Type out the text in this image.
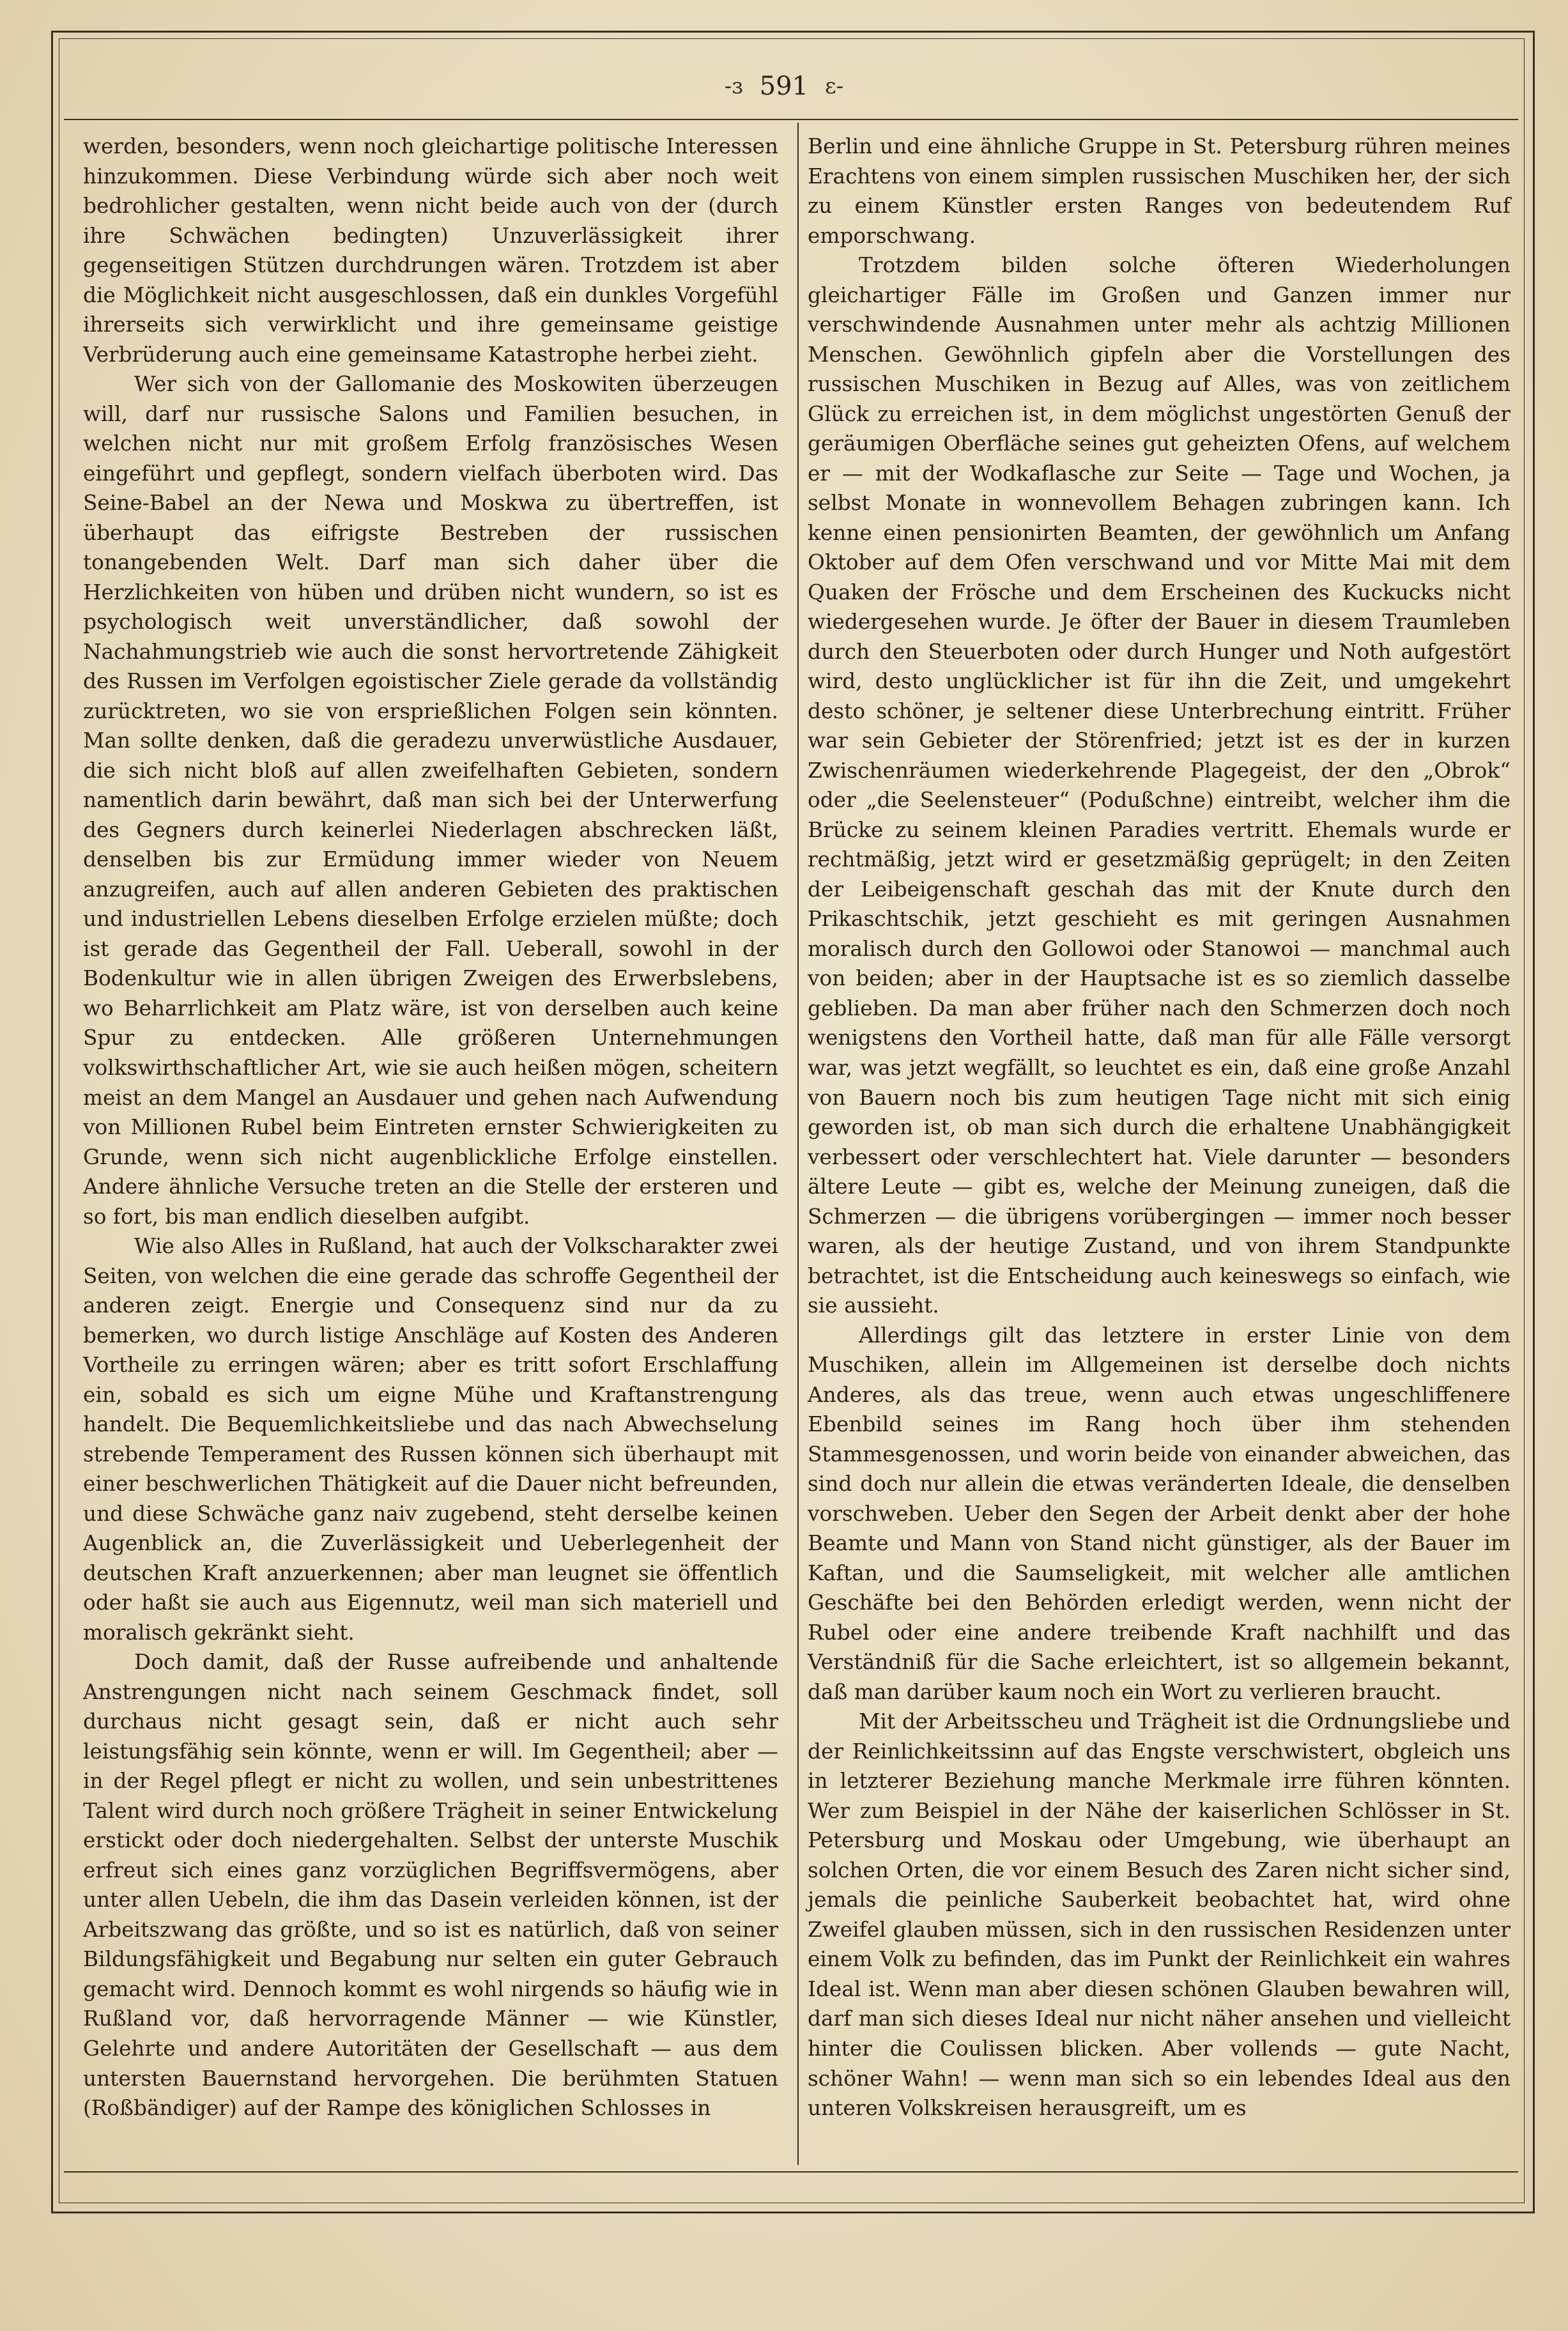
-ɜ 591 ε-

werden, besonders, wenn noch gleichartige politische Interessen hinzukommen. Diese Verbindung würde sich aber noch weit bedrohlicher gestalten, wenn nicht beide auch von der (durch ihre Schwächen bedingten) Unzuverlässigkeit ihrer gegenseitigen Stützen durchdrungen wären. Trotzdem ist aber die Möglichkeit nicht ausgeschlossen, daß ein dunkles Vorgefühl ihrerseits sich verwirklicht und ihre gemeinsame geistige Verbrüderung auch eine gemeinsame Katastrophe herbei zieht.

Wer sich von der Gallomanie des Moskowiten überzeugen will, darf nur russische Salons und Familien besuchen, in welchen nicht nur mit großem Erfolg französisches Wesen eingeführt und gepflegt, sondern vielfach überboten wird. Das Seine-Babel an der Newa und Moskwa zu übertreffen, ist überhaupt das eifrigste Bestreben der russischen tonangebenden Welt. Darf man sich daher über die Herzlichkeiten von hüben und drüben nicht wundern, so ist es psychologisch weit unverständlicher, daß sowohl der Nachahmungstrieb wie auch die sonst hervortretende Zähigkeit des Russen im Verfolgen egoistischer Ziele gerade da vollständig zurücktreten, wo sie von ersprießlichen Folgen sein könnten. Man sollte denken, daß die geradezu unverwüstliche Ausdauer, die sich nicht bloß auf allen zweifelhaften Gebieten, sondern namentlich darin bewährt, daß man sich bei der Unterwerfung des Gegners durch keinerlei Niederlagen abschrecken läßt, denselben bis zur Ermüdung immer wieder von Neuem anzugreifen, auch auf allen anderen Gebieten des praktischen und industriellen Lebens dieselben Erfolge erzielen müßte; doch ist gerade das Gegentheil der Fall. Ueberall, sowohl in der Bodenkultur wie in allen übrigen Zweigen des Erwerbslebens, wo Beharrlichkeit am Platz wäre, ist von derselben auch keine Spur zu entdecken. Alle größeren Unternehmungen volkswirthschaftlicher Art, wie sie auch heißen mögen, scheitern meist an dem Mangel an Ausdauer und gehen nach Aufwendung von Millionen Rubel beim Eintreten ernster Schwierigkeiten zu Grunde, wenn sich nicht augenblickliche Erfolge einstellen. Andere ähnliche Versuche treten an die Stelle der ersteren und so fort, bis man endlich dieselben aufgibt.

Wie also Alles in Rußland, hat auch der Volkscharakter zwei Seiten, von welchen die eine gerade das schroffe Gegentheil der anderen zeigt. Energie und Consequenz sind nur da zu bemerken, wo durch listige Anschläge auf Kosten des Anderen Vortheile zu erringen wären; aber es tritt sofort Erschlaffung ein, sobald es sich um eigne Mühe und Kraftanstrengung handelt. Die Bequemlichkeitsliebe und das nach Abwechselung strebende Temperament des Russen können sich überhaupt mit einer beschwerlichen Thätigkeit auf die Dauer nicht befreunden, und diese Schwäche ganz naiv zugebend, steht derselbe keinen Augenblick an, die Zuverlässigkeit und Ueberlegenheit der deutschen Kraft anzuerkennen; aber man leugnet sie öffentlich oder haßt sie auch aus Eigennutz, weil man sich materiell und moralisch gekränkt sieht.

Doch damit, daß der Russe aufreibende und anhaltende Anstrengungen nicht nach seinem Geschmack findet, soll durchaus nicht gesagt sein, daß er nicht auch sehr leistungsfähig sein könnte, wenn er will. Im Gegentheil; aber — in der Regel pflegt er nicht zu wollen, und sein unbestrittenes Talent wird durch noch größere Trägheit in seiner Entwickelung erstickt oder doch niedergehalten. Selbst der unterste Muschik erfreut sich eines ganz vorzüglichen Begriffsvermögens, aber unter allen Uebeln, die ihm das Dasein verleiden können, ist der Arbeitszwang das größte, und so ist es natürlich, daß von seiner Bildungsfähigkeit und Begabung nur selten ein guter Gebrauch gemacht wird. Dennoch kommt es wohl nirgends so häufig wie in Rußland vor, daß hervorragende Männer — wie Künstler, Gelehrte und andere Autoritäten der Gesellschaft — aus dem untersten Bauernstand hervorgehen. Die berühmten Statuen (Roßbändiger) auf der Rampe des königlichen Schlosses in

Berlin und eine ähnliche Gruppe in St. Petersburg rühren meines Erachtens von einem simplen russischen Muschiken her, der sich zu einem Künstler ersten Ranges von bedeutendem Ruf emporschwang.

Trotzdem bilden solche öfteren Wiederholungen gleichartiger Fälle im Großen und Ganzen immer nur verschwindende Ausnahmen unter mehr als achtzig Millionen Menschen. Gewöhnlich gipfeln aber die Vorstellungen des russischen Muschiken in Bezug auf Alles, was von zeitlichem Glück zu erreichen ist, in dem möglichst ungestörten Genuß der geräumigen Oberfläche seines gut geheizten Ofens, auf welchem er — mit der Wodkaflasche zur Seite — Tage und Wochen, ja selbst Monate in wonnevollem Behagen zubringen kann. Ich kenne einen pensionirten Beamten, der gewöhnlich um Anfang Oktober auf dem Ofen verschwand und vor Mitte Mai mit dem Quaken der Frösche und dem Erscheinen des Kuckucks nicht wiedergesehen wurde. Je öfter der Bauer in diesem Traumleben durch den Steuerboten oder durch Hunger und Noth aufgestört wird, desto unglücklicher ist für ihn die Zeit, und umgekehrt desto schöner, je seltener diese Unterbrechung eintritt. Früher war sein Gebieter der Störenfried; jetzt ist es der in kurzen Zwischenräumen wiederkehrende Plagegeist, der den „Obrok“ oder „die Seelensteuer“ (Podußchne) eintreibt, welcher ihm die Brücke zu seinem kleinen Paradies vertritt. Ehemals wurde er rechtmäßig, jetzt wird er gesetzmäßig geprügelt; in den Zeiten der Leibeigenschaft geschah das mit der Knute durch den Prikaschtschik, jetzt geschieht es mit geringen Ausnahmen moralisch durch den Gollowoi oder Stanowoi — manchmal auch von beiden; aber in der Hauptsache ist es so ziemlich dasselbe geblieben. Da man aber früher nach den Schmerzen doch noch wenigstens den Vortheil hatte, daß man für alle Fälle versorgt war, was jetzt wegfällt, so leuchtet es ein, daß eine große Anzahl von Bauern noch bis zum heutigen Tage nicht mit sich einig geworden ist, ob man sich durch die erhaltene Unabhängigkeit verbessert oder verschlechtert hat. Viele darunter — besonders ältere Leute — gibt es, welche der Meinung zuneigen, daß die Schmerzen — die übrigens vorübergingen — immer noch besser waren, als der heutige Zustand, und von ihrem Standpunkte betrachtet, ist die Entscheidung auch keineswegs so einfach, wie sie aussieht.

Allerdings gilt das letztere in erster Linie von dem Muschiken, allein im Allgemeinen ist derselbe doch nichts Anderes, als das treue, wenn auch etwas ungeschliffenere Ebenbild seines im Rang hoch über ihm stehenden Stammesgenossen, und worin beide von einander abweichen, das sind doch nur allein die etwas veränderten Ideale, die denselben vorschweben. Ueber den Segen der Arbeit denkt aber der hohe Beamte und Mann von Stand nicht günstiger, als der Bauer im Kaftan, und die Saumseligkeit, mit welcher alle amtlichen Geschäfte bei den Behörden erledigt werden, wenn nicht der Rubel oder eine andere treibende Kraft nachhilft und das Verständniß für die Sache erleichtert, ist so allgemein bekannt, daß man darüber kaum noch ein Wort zu verlieren braucht.

Mit der Arbeitsscheu und Trägheit ist die Ordnungsliebe und der Reinlichkeitssinn auf das Engste verschwistert, obgleich uns in letzterer Beziehung manche Merkmale irre führen könnten. Wer zum Beispiel in der Nähe der kaiserlichen Schlösser in St. Petersburg und Moskau oder Umgebung, wie überhaupt an solchen Orten, die vor einem Besuch des Zaren nicht sicher sind, jemals die peinliche Sauberkeit beobachtet hat, wird ohne Zweifel glauben müssen, sich in den russischen Residenzen unter einem Volk zu befinden, das im Punkt der Reinlichkeit ein wahres Ideal ist. Wenn man aber diesen schönen Glauben bewahren will, darf man sich dieses Ideal nur nicht näher ansehen und vielleicht hinter die Coulissen blicken. Aber vollends — gute Nacht, schöner Wahn! — wenn man sich so ein lebendes Ideal aus den unteren Volkskreisen herausgreift, um es
